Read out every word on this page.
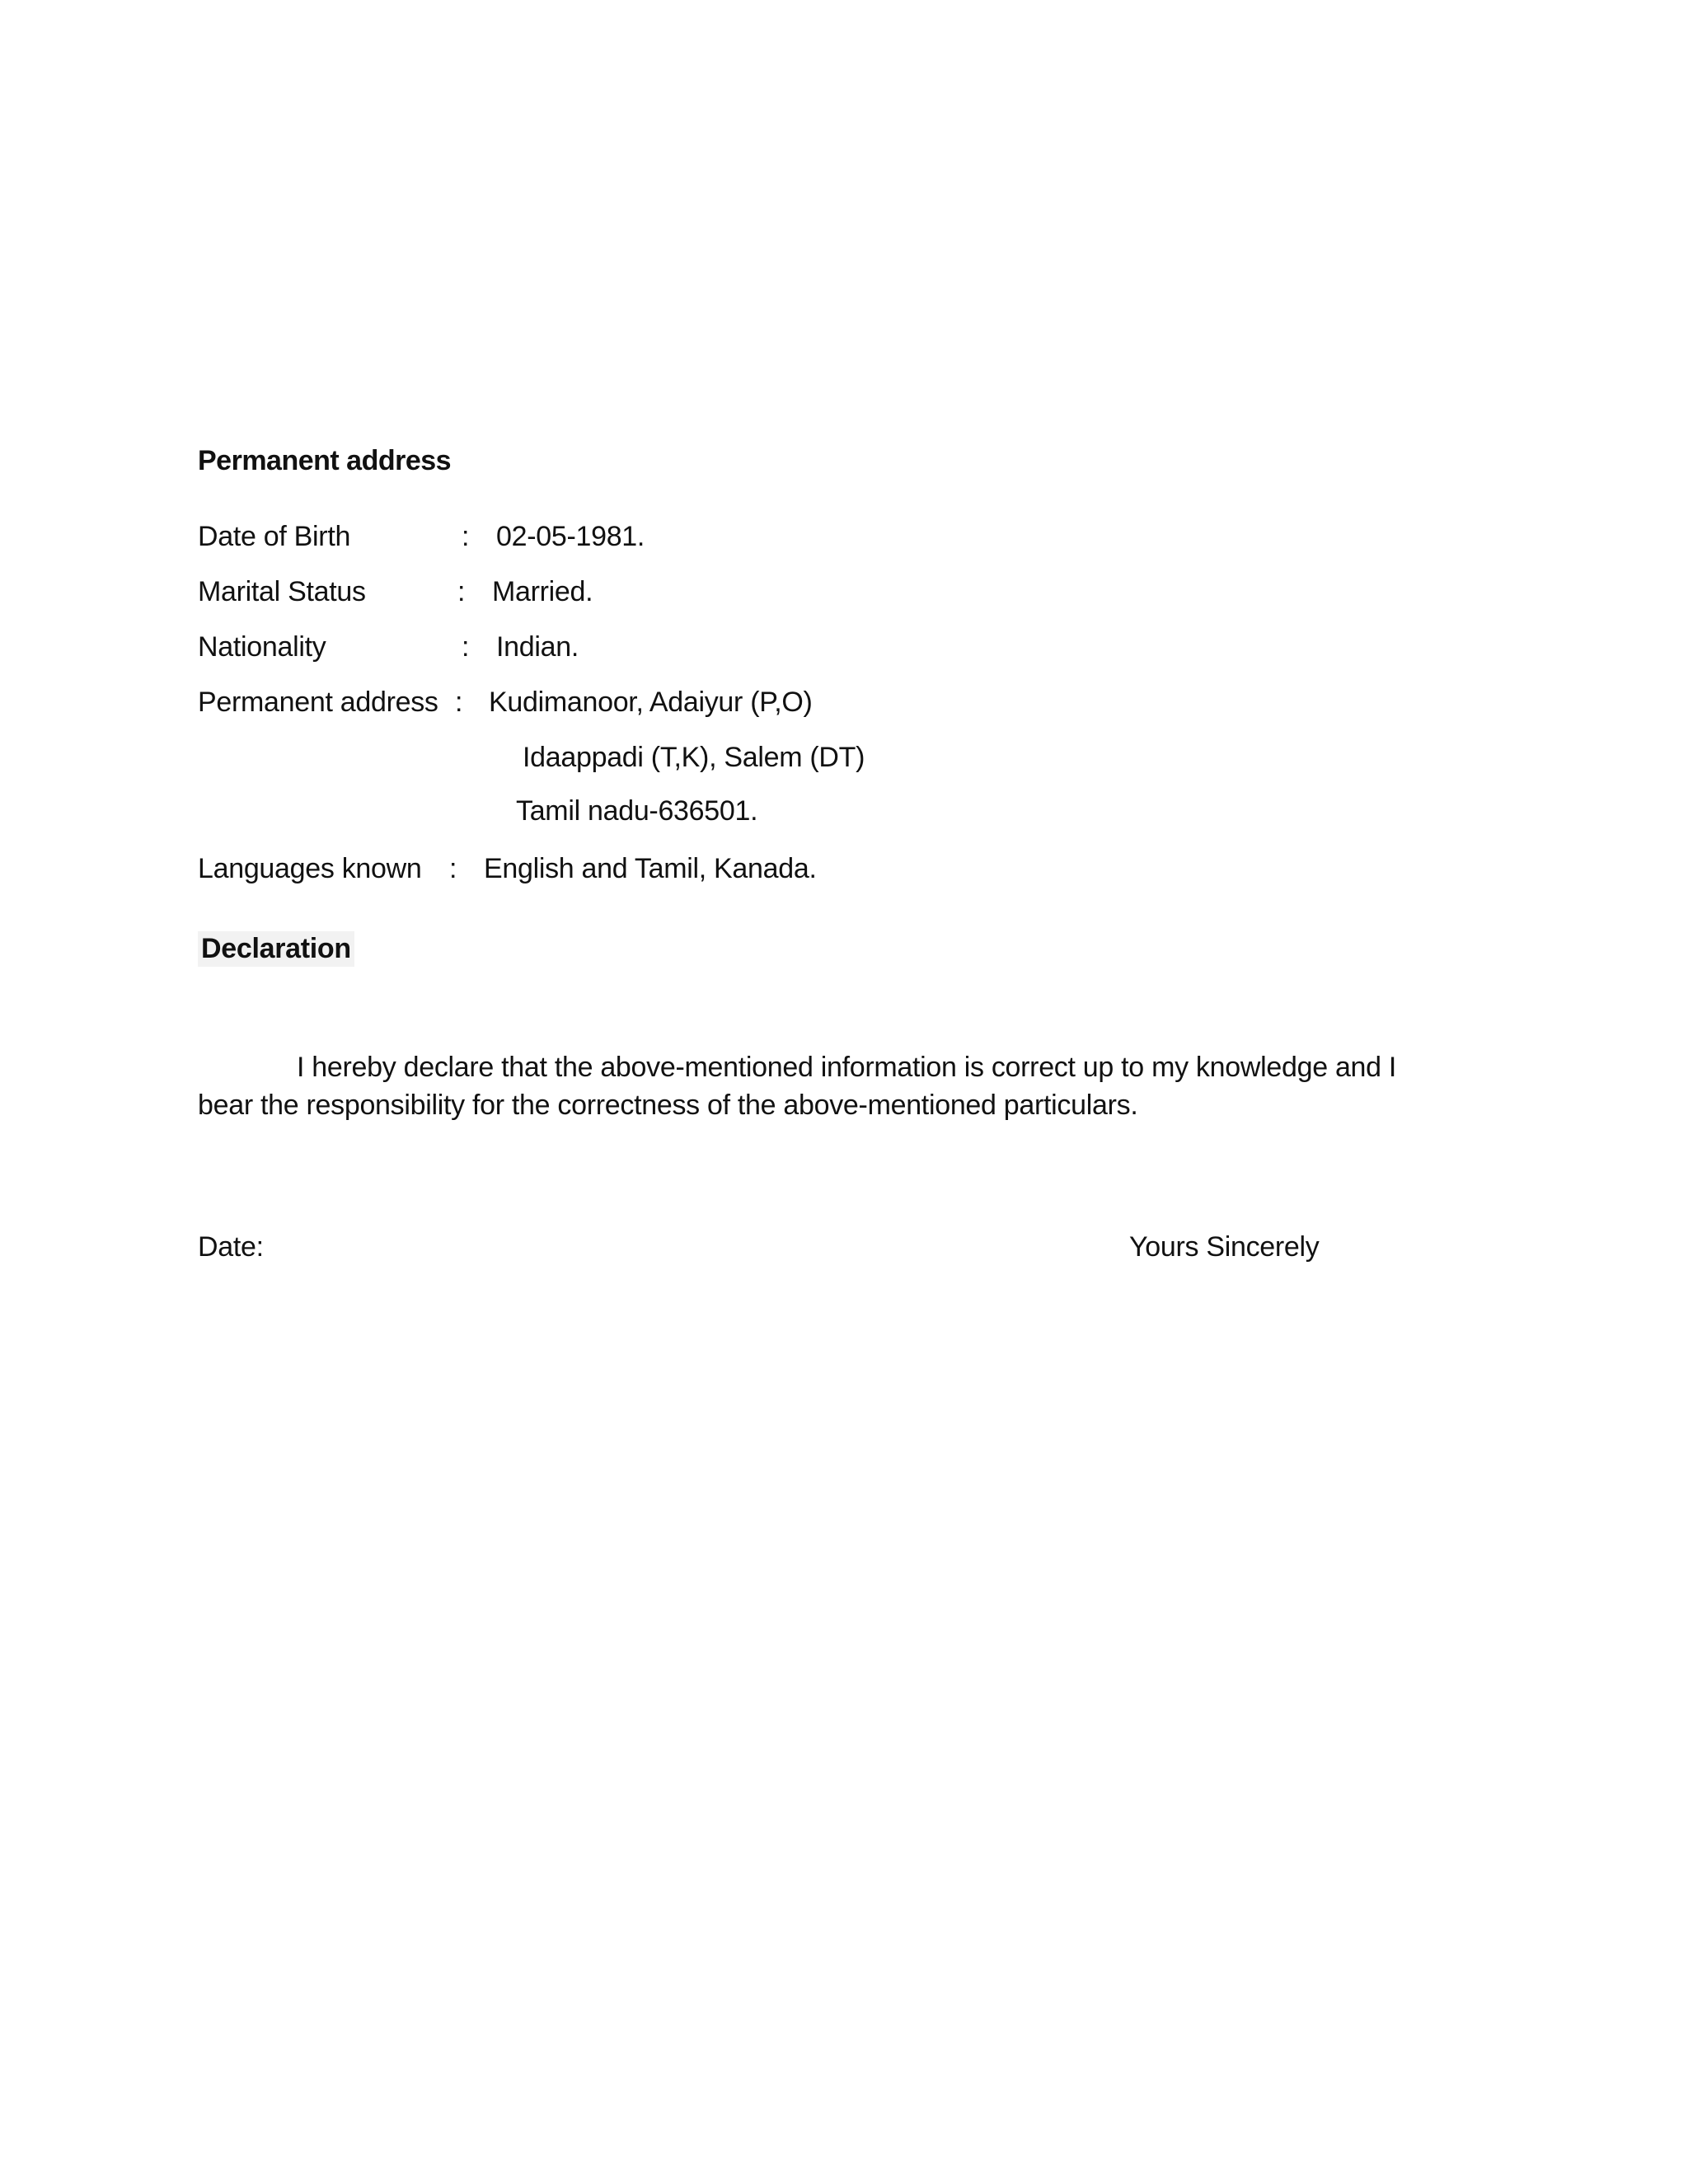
Permanent address
Date of Birth	: 02-05-1981.
Marital Status	: Married.
Nationality	: Indian.
Permanent address : Kudimanoor, Adaiyur (P,O)
Idaappadi (T,K), Salem (DT)
Tamil nadu-636501.
Languages known : English and Tamil, Kanada.
Declaration
I hereby declare that the above-mentioned information is correct up to my knowledge and I bear the responsibility for the correctness of the above-mentioned particulars.
Date:	Yours Sincerely
